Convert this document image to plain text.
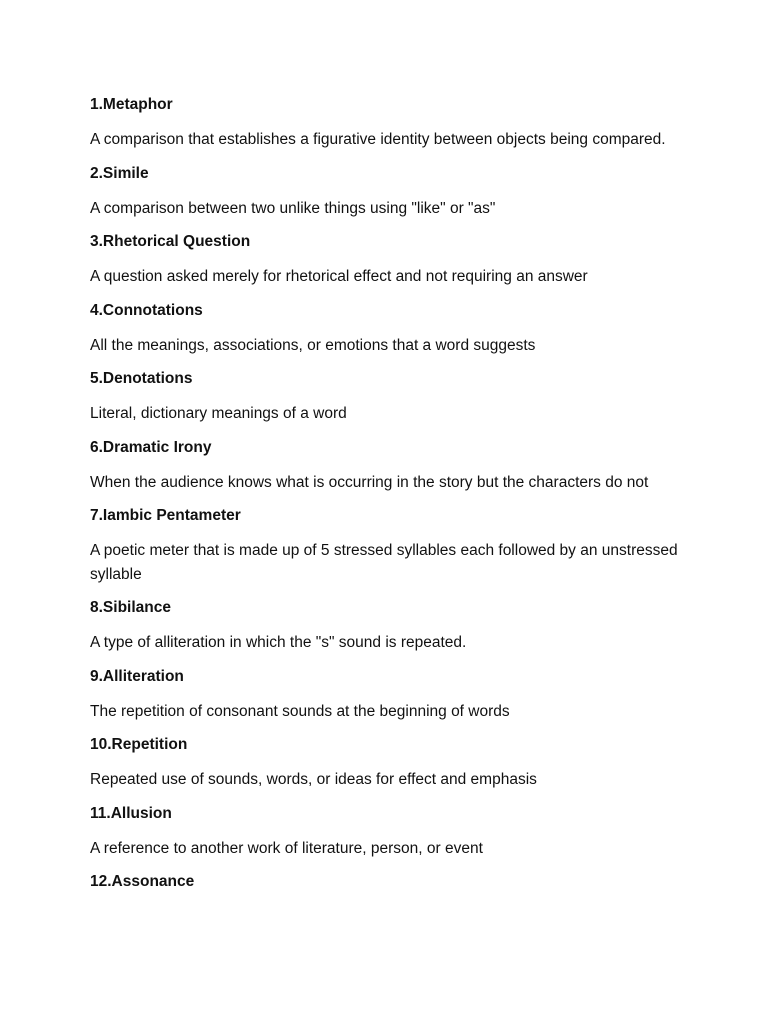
1.Metaphor

A comparison that establishes a figurative identity between objects being compared.

2.Simile

A comparison between two unlike things using "like" or "as"

3.Rhetorical Question

A question asked merely for rhetorical effect and not requiring an answer

4.Connotations

All the meanings, associations, or emotions that a word suggests

5.Denotations

Literal, dictionary meanings of a word

6.Dramatic Irony

When the audience knows what is occurring in the story but the characters do not

7.Iambic Pentameter

A poetic meter that is made up of 5 stressed syllables each followed by an unstressed syllable

8.Sibilance

A type of alliteration in which the "s" sound is repeated.

9.Alliteration

The repetition of consonant sounds at the beginning of words

10.Repetition

Repeated use of sounds, words, or ideas for effect and emphasis

11.Allusion

A reference to another work of literature, person, or event

12.Assonance
